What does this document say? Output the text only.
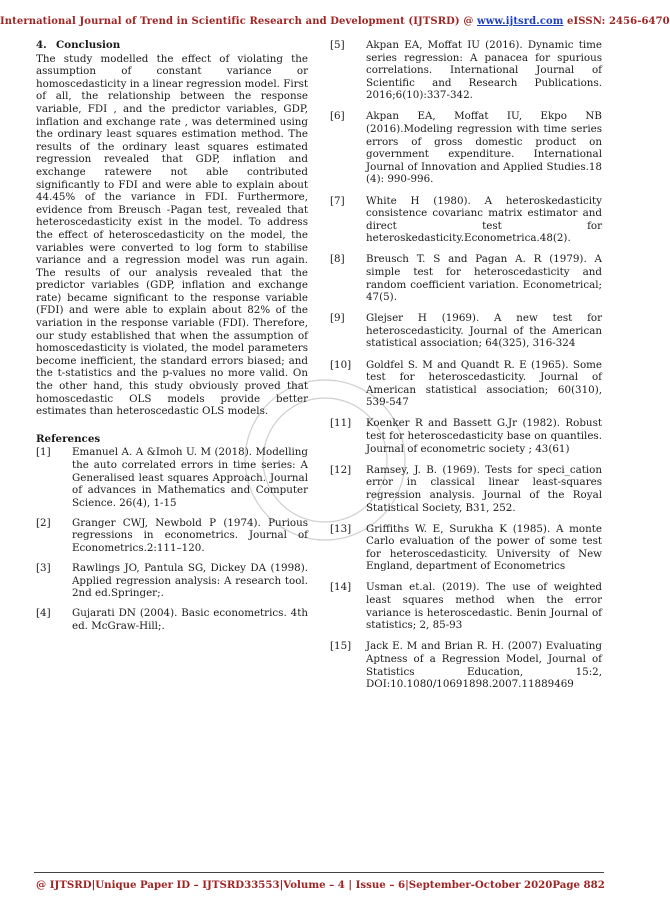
International Journal of Trend in Scientific Research and Development (IJTSRD) @ www.ijtsrd.com eISSN: 2456-6470
4. Conclusion

The study modelled the effect of violating the assumption of constant variance or homoscedasticity in a linear regression model. First of all, the relationship between the response variable, FDI , and the predictor variables, GDP, inflation and exchange rate , was determined using the ordinary least squares estimation method. The results of the ordinary least squares estimated regression revealed that GDP, inflation and exchange ratewere not able contributed significantly to FDI and were able to explain about 44.45% of the variance in FDI. Furthermore, evidence from Breusch -Pagan test, revealed that heteroscedasticity exist in the model. To address the effect of heteroscedasticity on the model, the variables were converted to log form to stabilise variance and a regression model was run again. The results of our analysis revealed that the predictor variables (GDP, inflation and exchange rate) became significant to the response variable (FDI) and were able to explain about 82% of the variation in the response variable (FDI). Therefore, our study established that when the assumption of homoscedasticity is violated, the model parameters become inefficient, the standard errors biased; and the t-statistics and the p-values no more valid. On the other hand, this study obviously proved that homoscedastic OLS models provide better estimates than heteroscedastic OLS models.

References
[1]	Emanuel A. A &Imoh U. M (2018). Modelling the auto correlated errors in time series: A Generalised least squares Approach. Journal of advances in Mathematics and Computer Science. 26(4), 1-15
[2]	Granger CWJ, Newbold P (1974). Purious regressions in econometrics. Journal of Econometrics.2:111–120.
[3]	Rawlings JO, Pantula SG, Dickey DA (1998). Applied regression analysis: A research tool. 2nd ed.Springer;.
[4]	Gujarati DN (2004). Basic econometrics. 4th ed. McGraw-Hill;.
[5]	Akpan EA, Moffat IU (2016). Dynamic time series regression: A panacea for spurious correlations. International Journal of Scientific and Research Publications. 2016;6(10):337-342.
[6]	Akpan EA, Moffat IU, Ekpo NB (2016).Modeling regression with time series errors of gross domestic product on government expenditure. International Journal of Innovation and Applied Studies.18 (4): 990-996.
[7]	White H (1980). A heteroskedasticity consistence covarianc matrix estimator and direct test for heteroskedasticity.Econometrica.48(2).
[8]	Breusch T. S and Pagan A. R (1979). A simple test for heteroscedasticity and random coefficient variation. Econometrical; 47(5).
[9]	Glejser H (1969). A new test for heteroscedasticity. Journal of the American statistical association; 64(325), 316-324
[10]	Goldfel S. M and Quandt R. E (1965). Some test for heteroscedasticity. Journal of American statistical association; 60(310), 539-547
[11]	Koenker R and Bassett G.Jr (1982). Robust test for heteroscedasticity base on quantiles. Journal of econometric society ; 43(61)
[12]	Ramsey, J. B. (1969). Tests for speci_cation error in classical linear least-squares regression analysis. Journal of the Royal Statistical Society, B31, 252.
[13]	Griffiths W. E, Surukha K (1985). A monte Carlo evaluation of the power of some test for heteroscedasticity. University of New England, department of Econometrics
[14]	Usman et.al. (2019). The use of weighted least squares method when the error variance is heteroscedastic. Benin Journal of statistics; 2, 85-93
[15]	Jack E. M and Brian R. H. (2007) Evaluating Aptness of a Regression Model, Journal of Statistics Education, 15:2, DOI:10.1080/10691898.2007.11889469
@ IJTSRD | Unique Paper ID – IJTSRD33553 | Volume – 4 | Issue – 6 | September-October 2020 Page 882
